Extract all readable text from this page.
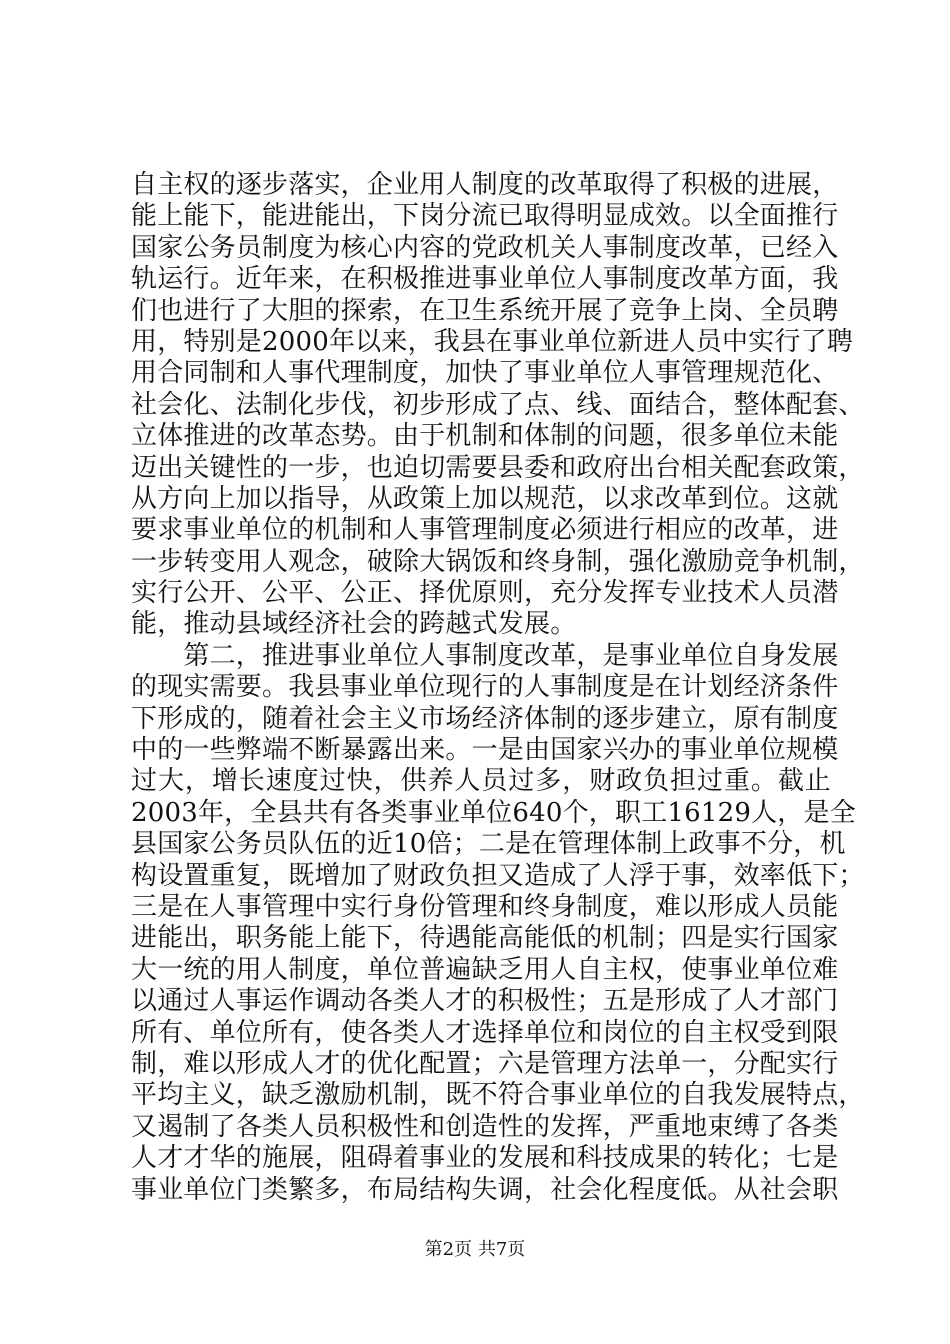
自主权的逐步落实，企业用人制度的改革取得了积极的进展，
能上能下，能进能出，下岗分流已取得明显成效。以全面推行
国家公务员制度为核心内容的党政机关人事制度改革，已经入
轨运行。近年来，在积极推进事业单位人事制度改革方面，我
们也进行了大胆的探索，在卫生系统开展了竞争上岗、全员聘
用，特别是2000年以来，我县在事业单位新进人员中实行了聘
用合同制和人事代理制度，加快了事业单位人事管理规范化、
社会化、法制化步伐，初步形成了点、线、面结合，整体配套、
立体推进的改革态势。由于机制和体制的问题，很多单位未能
迈出关键性的一步，也迫切需要县委和政府出台相关配套政策，
从方向上加以指导，从政策上加以规范，以求改革到位。这就
要求事业单位的机制和人事管理制度必须进行相应的改革，进
一步转变用人观念，破除大锅饭和终身制，强化激励竞争机制，
实行公开、公平、公正、择优原则，充分发挥专业技术人员潜
能，推动县域经济社会的跨越式发展。
　　第二，推进事业单位人事制度改革，是事业单位自身发展
的现实需要。我县事业单位现行的人事制度是在计划经济条件
下形成的，随着社会主义市场经济体制的逐步建立，原有制度
中的一些弊端不断暴露出来。一是由国家兴办的事业单位规模
过大，增长速度过快，供养人员过多，财政负担过重。截止
2003年，全县共有各类事业单位640个，职工16129人，是全
县国家公务员队伍的近10倍；二是在管理体制上政事不分，机
构设置重复，既增加了财政负担又造成了人浮于事，效率低下；
三是在人事管理中实行身份管理和终身制度，难以形成人员能
进能出，职务能上能下，待遇能高能低的机制；四是实行国家
大一统的用人制度，单位普遍缺乏用人自主权，使事业单位难
以通过人事运作调动各类人才的积极性；五是形成了人才部门
所有、单位所有，使各类人才选择单位和岗位的自主权受到限
制，难以形成人才的优化配置；六是管理方法单一，分配实行
平均主义，缺乏激励机制，既不符合事业单位的自我发展特点，
又遏制了各类人员积极性和创造性的发挥，严重地束缚了各类
人才才华的施展，阻碍着事业的发展和科技成果的转化；七是
事业单位门类繁多，布局结构失调，社会化程度低。从社会职
第2页 共7页
